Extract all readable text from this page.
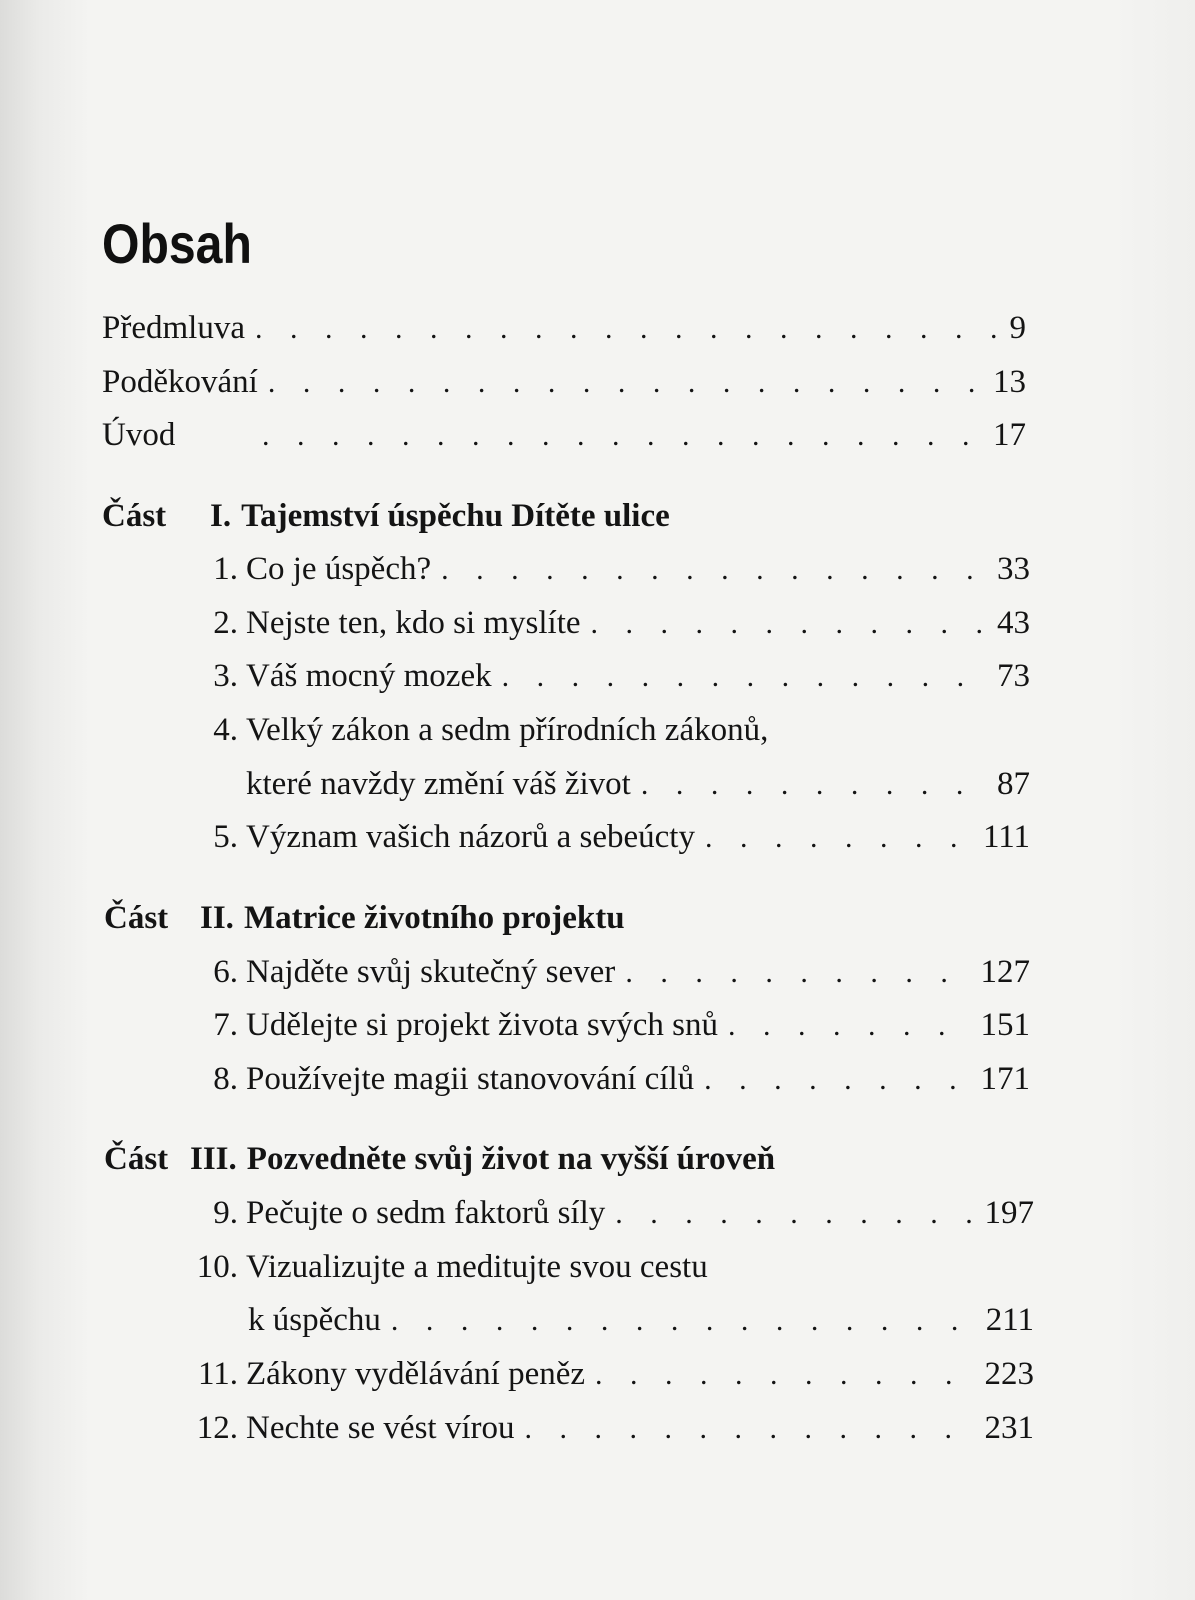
Obsah
Předmluva . . .	9
Poděkování . . .	13
Úvod . . .	17
Část	I. Tajemství úspěchu Dítěte ulice
1. Co je úspěch? . . .	33
2. Nejste ten, kdo si myslíte . . .	43
3. Váš mocný mozek . . .	73
4. Velký zákon a sedm přírodních zákonů,
které navždy změní váš život . . .	87
5. Význam vašich názorů a sebeúcty . . .	111
Část II. Matrice životního projektu
6. Najděte svůj skutečný sever . . .	127
7. Udělejte si projekt života svých snů . . .	151
8. Používejte magii stanovování cílů . . .	171
Část III. Pozvedněte svůj život na vyšší úroveň
9. Pečujte o sedm faktorů síly . . .	197
10. Vizualizujte a meditujte svou cestu
k úspěchu . . .	211
11. Zákony vydělávání peněz . . .	223
12. Nechte se vést vírou . . .	231
